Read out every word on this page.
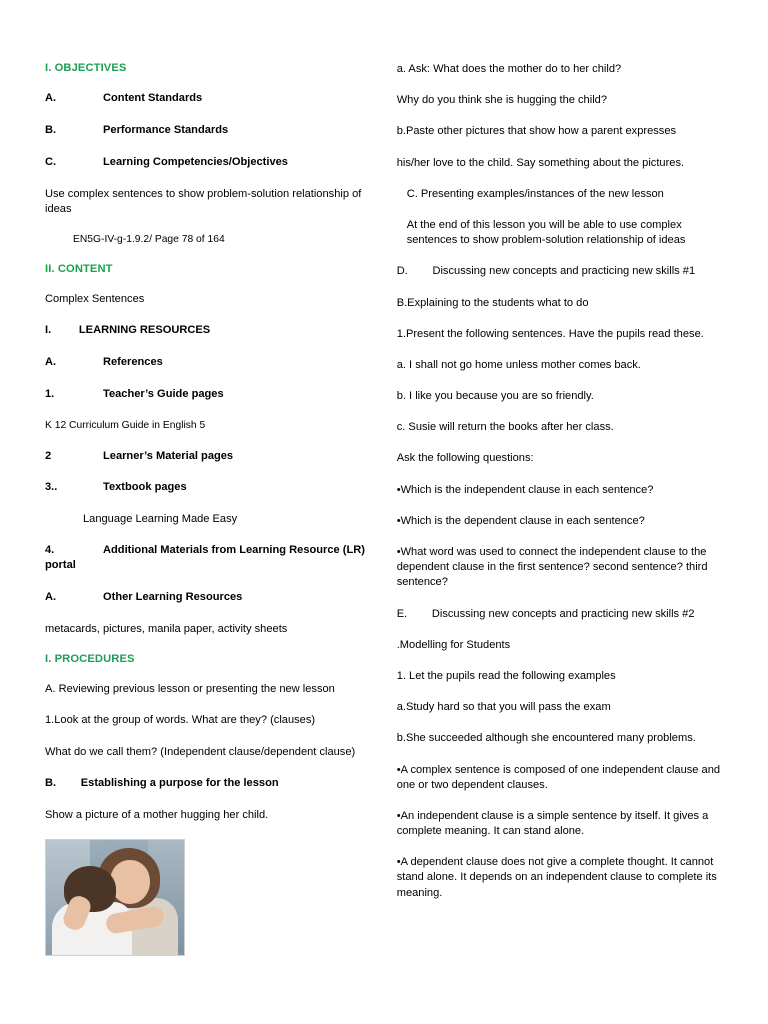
I. OBJECTIVES
A.	Content Standards
B.	Performance Standards
C.	Learning Competencies/Objectives

Use complex sentences to show problem-solution relationship of ideas

EN5G-IV-g-1.9.2/ Page 78 of 164

II. CONTENT

Complex Sentences

I.         LEARNING RESOURCES
A.	References
1.	Teacher’s Guide pages

K 12 Curriculum Guide in English 5

2	Learner’s Material pages
3..	Textbook pages

Language Learning Made Easy

4.	Additional Materials from Learning Resource (LR) portal
A.	Other Learning Resources

metacards, pictures, manila paper, activity sheets

I. PROCEDURES

A. Reviewing previous lesson or presenting the new lesson

1.Look at the group of words. What are they? (clauses)

What do we call them? (Independent clause/dependent clause)

B.        Establishing a purpose for the lesson

Show a picture of a mother hugging her child.

a. Ask: What does the mother do to her child?

Why do you think she is hugging the child?

b.Paste other pictures that show how a parent expresses

his/her love to the child. Say something about the pictures.

C. Presenting examples/instances of the new lesson

At the end of this lesson you will be able to use complex sentences to show problem-solution relationship of ideas

D.        Discussing new concepts and practicing new skills #1

B.Explaining to the students what to do

1.Present the following sentences. Have the pupils read these.

a. I shall not go home unless mother comes back.

b. I like you because you are so friendly.

c. Susie will return the books after her class.

Ask the following questions:

•Which is the independent clause in each sentence?

•Which is the dependent clause in each sentence?

•What word was used to connect the independent clause to the dependent clause in the first sentence? second sentence? third sentence?

E.        Discussing new concepts and practicing new skills #2

.Modelling for Students

1. Let the pupils read the following examples

a.Study hard so that you will pass the exam

b.She succeeded although she encountered many problems.

•A complex sentence is composed of one independent clause and one or two dependent clauses.

•An independent clause is a simple sentence by itself. It gives a complete meaning. It can stand alone.

•A dependent clause does not give a complete thought. It cannot stand alone. It depends on an independent clause to complete its meaning.
